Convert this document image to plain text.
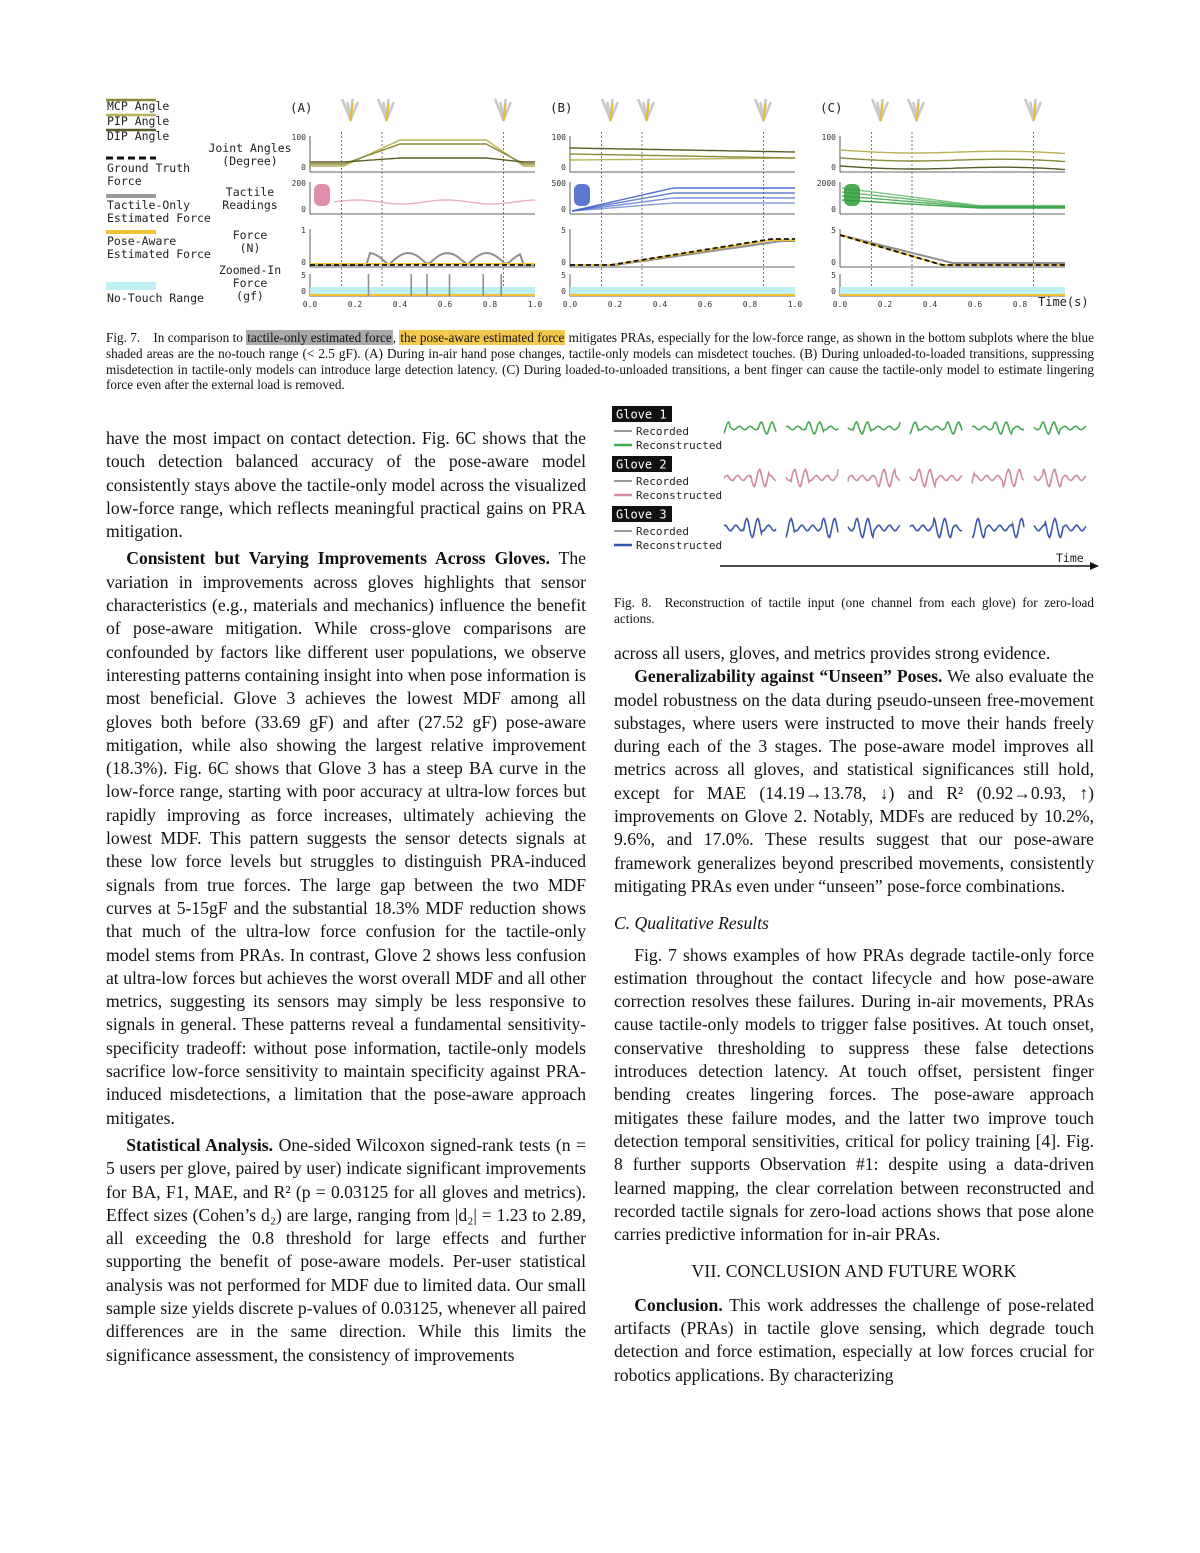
MCP Angle
PIP Angle
DIP Angle
Ground Truth Force
Tactile-Only Estimated Force
Pose-Aware Estimated Force
No-Touch Range
Joint Angles (Degree)
Tactile Readings
Force (N)
Zoomed-In Force (gf)
(A)
100
0
200
0
1
0
5
0
0.0	0.2	0.4	0.6	0.8	1.0
(B)
100
0
500
0
5
0
5
0
0.0	0.2	0.4	0.6	0.8	1.0
(C)
100
0
2000
0
5
0
5
0
0.0	0.2	0.4	0.6	0.8 Time(s)
Fig. 7. In comparison to tactile-only estimated force, the pose-aware estimated force mitigates PRAs, especially for the low-force range, as shown in the bottom subplots where the blue shaded areas are the no-touch range (< 2.5 gF). (A) During in-air hand pose changes, tactile-only models can misdetect touches. (B) During unloaded-to-loaded transitions, suppressing misdetection in tactile-only models can introduce large detection latency. (C) During loaded-to-unloaded transitions, a bent finger can cause the tactile-only model to estimate lingering force even after the external load is removed.
Glove 1
Recorded
Reconstructed
Glove 2
Recorded
Reconstructed
Glove 3
Recorded
Reconstructed
Time
Fig. 8. Reconstruction of tactile input (one channel from each glove) for zero-load actions.

have the most impact on contact detection. Fig. 6C shows that the touch detection balanced accuracy of the pose-aware model consistently stays above the tactile-only model across the visualized low-force range, which reflects meaningful practical gains on PRA mitigation.

Consistent but Varying Improvements Across Gloves. The variation in improvements across gloves highlights that sensor characteristics (e.g., materials and mechanics) influence the benefit of pose-aware mitigation. While cross-glove comparisons are confounded by factors like different user populations, we observe interesting patterns containing insight into when pose information is most beneficial. Glove 3 achieves the lowest MDF among all gloves both before (33.69 gF) and after (27.52 gF) pose-aware mitigation, while also showing the largest relative improvement (18.3%). Fig. 6C shows that Glove 3 has a steep BA curve in the low-force range, starting with poor accuracy at ultra-low forces but rapidly improving as force increases, ultimately achieving the lowest MDF. This pattern suggests the sensor detects signals at these low force levels but struggles to distinguish PRA-induced signals from true forces. The large gap between the two MDF curves at 5-15gF and the substantial 18.3% MDF reduction shows that much of the ultra-low force confusion for the tactile-only model stems from PRAs. In contrast, Glove 2 shows less confusion at ultra-low forces but achieves the worst overall MDF and all other metrics, suggesting its sensors may simply be less responsive to signals in general. These patterns reveal a fundamental sensitivity-specificity tradeoff: without pose information, tactile-only models sacrifice low-force sensitivity to maintain specificity against PRA-induced misdetections, a limitation that the pose-aware approach mitigates.

Statistical Analysis. One-sided Wilcoxon signed-rank tests (n = 5 users per glove, paired by user) indicate significant improvements for BA, F1, MAE, and R² (p = 0.03125 for all gloves and metrics). Effect sizes (Cohen’s d₂) are large, ranging from |d₂| = 1.23 to 2.89, all exceeding the 0.8 threshold for large effects and further supporting the benefit of pose-aware models. Per-user statistical analysis was not performed for MDF due to limited data. Our small sample size yields discrete p-values of 0.03125, whenever all paired differences are in the same direction. While this limits the significance assessment, the consistency of improvements

across all users, gloves, and metrics provides strong evidence.

Generalizability against “Unseen” Poses. We also evaluate the model robustness on the data during pseudo-unseen free-movement substages, where users were instructed to move their hands freely during each of the 3 stages. The pose-aware model improves all metrics across all gloves, and statistical significances still hold, except for MAE (14.19→13.78, ↓) and R² (0.92→0.93, ↑) improvements on Glove 2. Notably, MDFs are reduced by 10.2%, 9.6%, and 17.0%. These results suggest that our pose-aware framework generalizes beyond prescribed movements, consistently mitigating PRAs even under “unseen” pose-force combinations.

C. Qualitative Results

Fig. 7 shows examples of how PRAs degrade tactile-only force estimation throughout the contact lifecycle and how pose-aware correction resolves these failures. During in-air movements, PRAs cause tactile-only models to trigger false positives. At touch onset, conservative thresholding to suppress these false detections introduces detection latency. At touch offset, persistent finger bending creates lingering forces. The pose-aware approach mitigates these failure modes, and the latter two improve touch detection temporal sensitivities, critical for policy training [4]. Fig. 8 further supports Observation #1: despite using a data-driven learned mapping, the clear correlation between reconstructed and recorded tactile signals for zero-load actions shows that pose alone carries predictive information for in-air PRAs.

VII. CONCLUSION AND FUTURE WORK

Conclusion. This work addresses the challenge of pose-related artifacts (PRAs) in tactile glove sensing, which degrade touch detection and force estimation, especially at low forces crucial for robotics applications. By characterizing
